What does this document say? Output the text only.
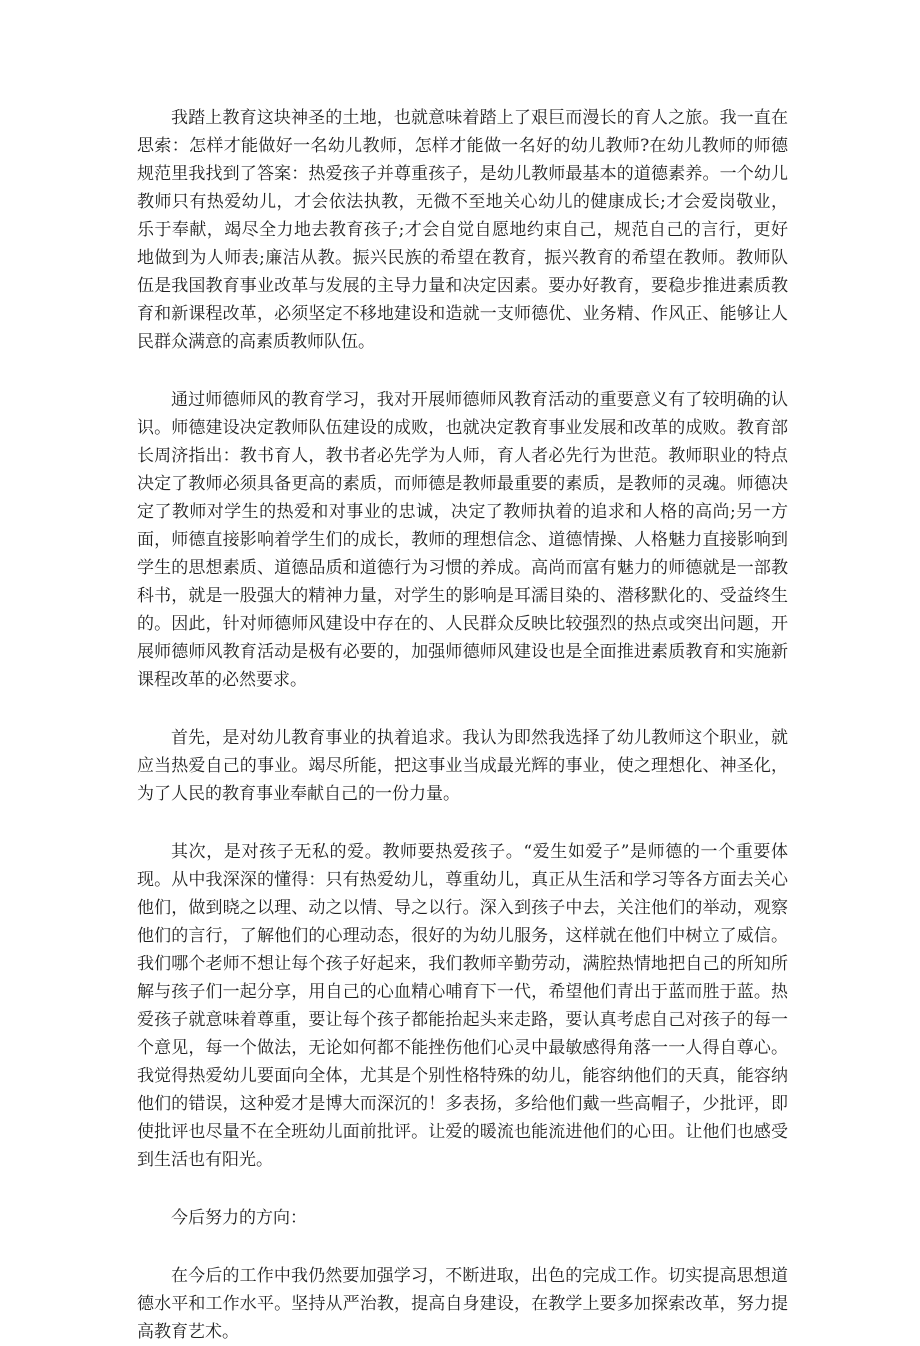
我踏上教育这块神圣的土地，也就意味着踏上了艰巨而漫长的育人之旅。我一直在思索：怎样才能做好一名幼儿教师，怎样才能做一名好的幼儿教师?在幼儿教师的师德规范里我找到了答案：热爱孩子并尊重孩子，是幼儿教师最基本的道德素养。一个幼儿教师只有热爱幼儿，才会依法执教，无微不至地关心幼儿的健康成长;才会爱岗敬业，乐于奉献，竭尽全力地去教育孩子;才会自觉自愿地约束自己，规范自己的言行，更好地做到为人师表;廉洁从教。振兴民族的希望在教育，振兴教育的希望在教师。教师队伍是我国教育事业改革与发展的主导力量和决定因素。要办好教育，要稳步推进素质教育和新课程改革，必须坚定不移地建设和造就一支师德优、业务精、作风正、能够让人民群众满意的高素质教师队伍。

通过师德师风的教育学习，我对开展师德师风教育活动的重要意义有了较明确的认识。师德建设决定教师队伍建设的成败，也就决定教育事业发展和改革的成败。教育部长周济指出：教书育人，教书者必先学为人师，育人者必先行为世范。教师职业的特点决定了教师必须具备更高的素质，而师德是教师最重要的素质，是教师的灵魂。师德决定了教师对学生的热爱和对事业的忠诚，决定了教师执着的追求和人格的高尚;另一方面，师德直接影响着学生们的成长，教师的理想信念、道德情操、人格魅力直接影响到学生的思想素质、道德品质和道德行为习惯的养成。高尚而富有魅力的师德就是一部教科书，就是一股强大的精神力量，对学生的影响是耳濡目染的、潜移默化的、受益终生的。因此，针对师德师风建设中存在的、人民群众反映比较强烈的热点或突出问题，开展师德师风教育活动是极有必要的，加强师德师风建设也是全面推进素质教育和实施新课程改革的必然要求。

首先，是对幼儿教育事业的执着追求。我认为即然我选择了幼儿教师这个职业，就应当热爱自己的事业。竭尽所能，把这事业当成最光辉的事业，使之理想化、神圣化，为了人民的教育事业奉献自己的一份力量。

其次，是对孩子无私的爱。教师要热爱孩子。“爱生如爱子”是师德的一个重要体现。从中我深深的懂得：只有热爱幼儿，尊重幼儿，真正从生活和学习等各方面去关心他们，做到晓之以理、动之以情、导之以行。深入到孩子中去，关注他们的举动，观察他们的言行，了解他们的心理动态，很好的为幼儿服务，这样就在他们中树立了威信。我们哪个老师不想让每个孩子好起来，我们教师辛勤劳动，满腔热情地把自己的所知所解与孩子们一起分享，用自己的心血精心哺育下一代，希望他们青出于蓝而胜于蓝。热爱孩子就意味着尊重，要让每个孩子都能抬起头来走路，要认真考虑自己对孩子的每一个意见，每一个做法，无论如何都不能挫伤他们心灵中最敏感得角落一一人得自尊心。我觉得热爱幼儿要面向全体，尤其是个别性格特殊的幼儿，能容纳他们的天真，能容纳他们的错误，这种爱才是博大而深沉的！多表扬，多给他们戴一些高帽子，少批评，即使批评也尽量不在全班幼儿面前批评。让爱的暖流也能流进他们的心田。让他们也感受到生活也有阳光。

今后努力的方向：

在今后的工作中我仍然要加强学习，不断进取，出色的完成工作。切实提高思想道德水平和工作水平。坚持从严治教，提高自身建设，在教学上要多加探索改革，努力提高教育艺术。
